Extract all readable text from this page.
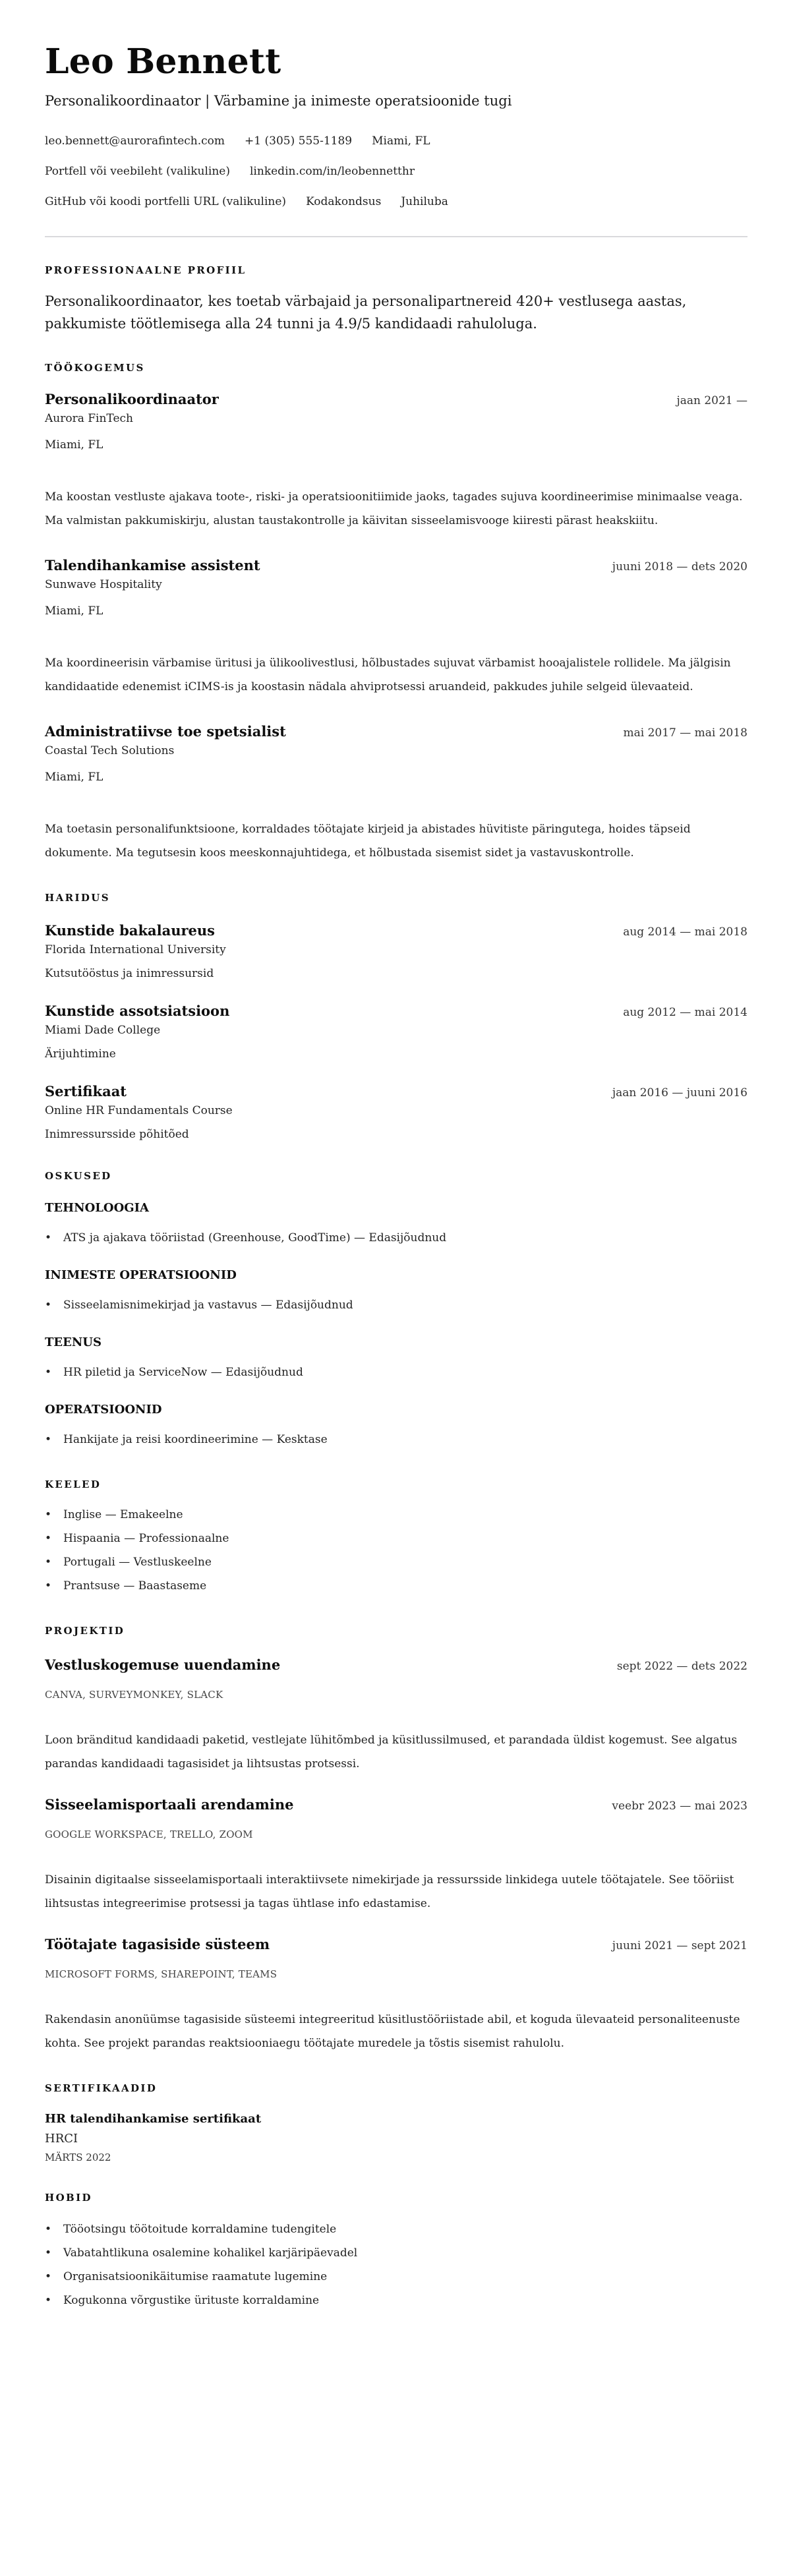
Leo Bennett
Personalikoordinaator | Värbamine ja inimeste operatsioonide tugi
leo.bennett@aurorafintech.com +1 (305) 555-1189 Miami, FL
Portfell või veebileht (valikuline) linkedin.com/in/leobennetthr
GitHub või koodi portfelli URL (valikuline) Kodakondsus Juhiluba
PROFESSIONAALNE PROFIIL

Personalikoordinaator, kes toetab värbajaid ja personalipartnereid 420+ vestlusega aastas, pakkumiste töötlemisega alla 24 tunni ja 4.9/5 kandidaadi rahuloluga.

TÖÖKOGEMUS
Personalikoordinaator	jaan 2021 —
Aurora FinTech
Miami, FL

Ma koostan vestluste ajakava toote-, riski- ja operatsioonitiimide jaoks, tagades sujuva koordineerimise minimaalse veaga. Ma valmistan pakkumiskirju, alustan taustakontrolle ja käivitan sisseelamisvooge kiiresti pärast heakskiitu.

Talendihankamise assistent	juuni 2018 — dets 2020
Sunwave Hospitality
Miami, FL

Ma koordineerisin värbamise üritusi ja ülikoolivestlusi, hõlbustades sujuvat värbamist hooajalistele rollidele. Ma jälgisin kandidaatide edenemist iCIMS-is ja koostasin nädala ahviprotsessi aruandeid, pakkudes juhile selgeid ülevaateid.

Administratiivse toe spetsialist	mai 2017 — mai 2018
Coastal Tech Solutions
Miami, FL

Ma toetasin personalifunktsioone, korraldades töötajate kirjeid ja abistades hüvitiste päringutega, hoides täpseid dokumente. Ma tegutsesin koos meeskonnajuhtidega, et hõlbustada sisemist sidet ja vastavuskontrolle.

HARIDUS
Kunstide bakalaureus	aug 2014 — mai 2018
Florida International University
Kutsutööstus ja inimressursid
Kunstide assotsiatsioon	aug 2012 — mai 2014
Miami Dade College
Ärijuhtimine
Sertifikaat	jaan 2016 — juuni 2016
Online HR Fundamentals Course
Inimressursside põhitõed
OSKUSED
TEHNOLOOGIA
• ATS ja ajakava tööriistad (Greenhouse, GoodTime) — Edasijõudnud
INIMESTE OPERATSIOONID
• Sisseelamisnimekirjad ja vastavus — Edasijõudnud
TEENUS
• HR piletid ja ServiceNow — Edasijõudnud
OPERATSIOONID
• Hankijate ja reisi koordineerimine — Kesktase
KEELED
• Inglise — Emakeelne
• Hispaania — Professionaalne
• Portugali — Vestluskeelne
• Prantsuse — Baastaseme
PROJEKTID
Vestluskogemuse uuendamine	sept 2022 — dets 2022
CANVA, SURVEYMONKEY, SLACK

Loon bränditud kandidaadi paketid, vestlejate lühitõmbed ja küsitlussilmused, et parandada üldist kogemust. See algatus parandas kandidaadi tagasisidet ja lihtsustas protsessi.

Sisseelamisportaali arendamine	veebr 2023 — mai 2023
GOOGLE WORKSPACE, TRELLO, ZOOM

Disainin digitaalse sisseelamisportaali interaktiivsete nimekirjade ja ressursside linkidega uutele töötajatele. See tööriist lihtsustas integreerimise protsessi ja tagas ühtlase info edastamise.

Töötajate tagasiside süsteem	juuni 2021 — sept 2021
MICROSOFT FORMS, SHAREPOINT, TEAMS

Rakendasin anonüümse tagasiside süsteemi integreeritud küsitlustööriistade abil, et koguda ülevaateid personaliteenuste kohta. See projekt parandas reaktsiooniaegu töötajate muredele ja tõstis sisemist rahulolu.

SERTIFIKAADID
HR talendihankamise sertifikaat
HRCI
MÄRTS 2022
HOBID
• Tööotsingu töötoitude korraldamine tudengitele
• Vabatahtlikuna osalemine kohalikel karjäripäevadel
• Organisatsioonikäitumise raamatute lugemine
• Kogukonna võrgustike ürituste korraldamine
